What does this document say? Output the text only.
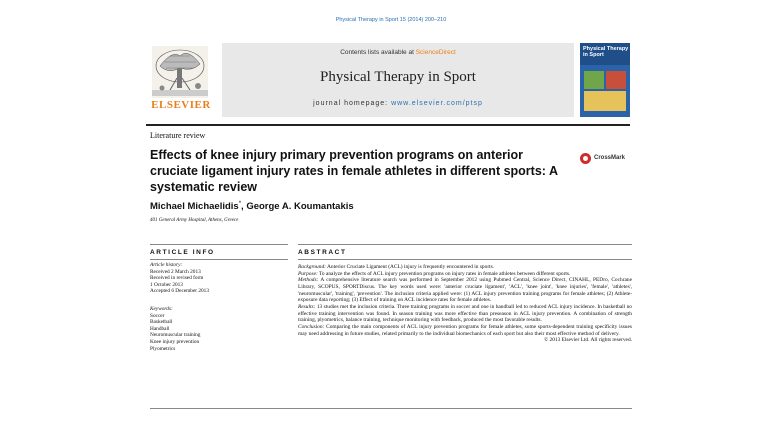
Physical Therapy in Sport 15 (2014) 200–210
ELSEVIER
Contents lists available at ScienceDirect
Physical Therapy in Sport
journal homepage: www.elsevier.com/ptsp
Physical Therapy in Sport
Literature review
Effects of knee injury primary prevention programs on anterior cruciate ligament injury rates in female athletes in different sports: A systematic review
CrossMark
Michael Michaelidis*, George A. Koumantakis
401 General Army Hospital, Athens, Greece
ARTICLE INFO
Article history:
Received 2 March 2013
Received in revised form
1 October 2013
Accepted 6 December 2013
Keywords:
Soccer
Basketball
Handball
Neuromuscular training
Knee injury prevention
Plyometrics
ABSTRACT

Background: Anterior Cruciate Ligament (ACL) injury is frequently encountered in sports.

Purpose: To analyze the effects of ACL injury prevention programs on injury rates in female athletes between different sports.

Methods: A comprehensive literature search was performed in September 2012 using Pubmed Central, Science Direct, CINAHL, PEDro, Cochrane Library, SCOPUS, SPORTDiscus. The key words used were: 'anterior cruciate ligament', 'ACL', 'knee joint', 'knee injuries', 'female', 'athletes', 'neuromuscular', 'training', 'prevention'. The inclusion criteria applied were: (1) ACL injury prevention training programs for female athletes; (2) Athlete-exposure data reporting; (3) Effect of training on ACL incidence rates for female athletes.

Results: 13 studies met the inclusion criteria. Three training programs in soccer and one in handball led to reduced ACL injury incidence. In basketball no effective training intervention was found. In season training was more effective than preseason in ACL injury prevention. A combination of strength training, plyometrics, balance training, technique monitoring with feedback, produced the most favorable results.

Conclusion: Comparing the main components of ACL injury prevention programs for female athletes, some sports-dependent training specificity issues may need addressing in future studies, related primarily to the individual biomechanics of each sport but also their most effective method of delivery.

© 2013 Elsevier Ltd. All rights reserved.
